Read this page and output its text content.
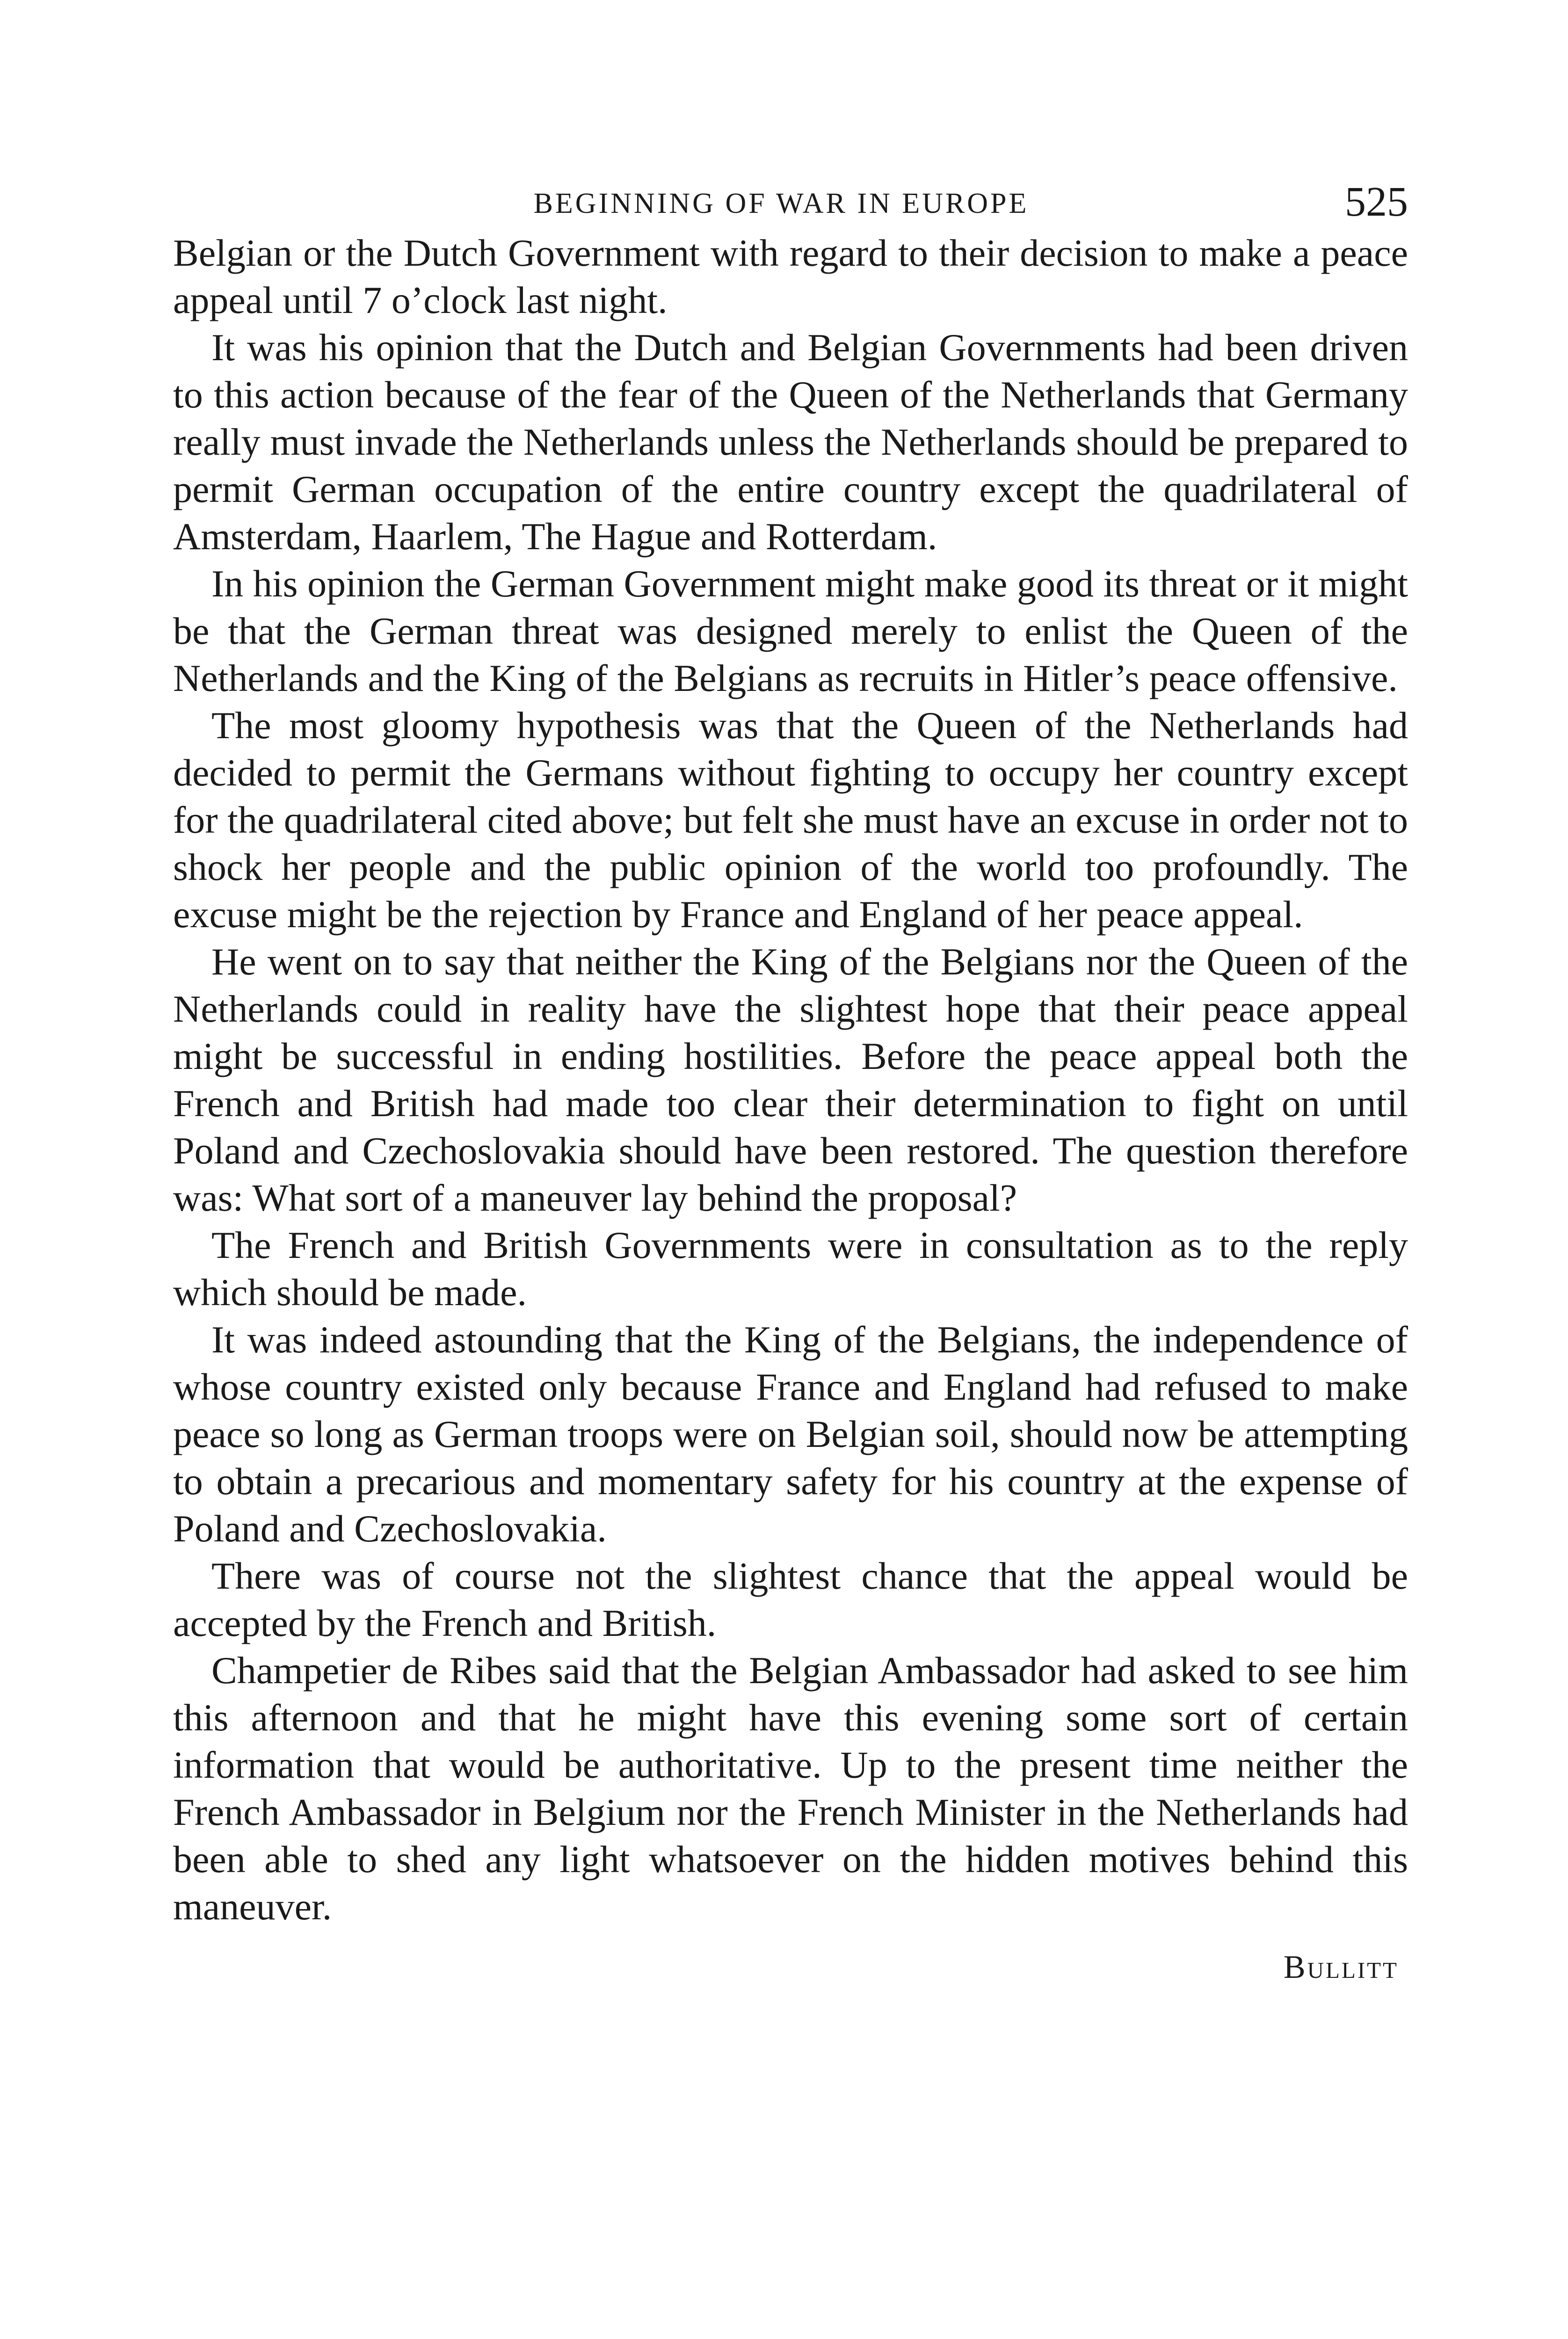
BEGINNING OF WAR IN EUROPE	525

Belgian or the Dutch Government with regard to their decision to make a peace appeal until 7 o’clock last night.

It was his opinion that the Dutch and Belgian Governments had been driven to this action because of the fear of the Queen of the Netherlands that Germany really must invade the Netherlands unless the Netherlands should be prepared to permit German occupation of the entire country except the quadrilateral of Amsterdam, Haarlem, The Hague and Rotterdam.

In his opinion the German Government might make good its threat or it might be that the German threat was designed merely to enlist the Queen of the Netherlands and the King of the Belgians as recruits in Hitler’s peace offensive.

The most gloomy hypothesis was that the Queen of the Netherlands had decided to permit the Germans without fighting to occupy her country except for the quadrilateral cited above; but felt she must have an excuse in order not to shock her people and the public opinion of the world too profoundly. The excuse might be the rejection by France and England of her peace appeal.

He went on to say that neither the King of the Belgians nor the Queen of the Netherlands could in reality have the slightest hope that their peace appeal might be successful in ending hostilities. Before the peace appeal both the French and British had made too clear their determination to fight on until Poland and Czechoslovakia should have been restored. The question therefore was: What sort of a maneuver lay behind the proposal?

The French and British Governments were in consultation as to the reply which should be made.

It was indeed astounding that the King of the Belgians, the independence of whose country existed only because France and England had refused to make peace so long as German troops were on Belgian soil, should now be attempting to obtain a precarious and momentary safety for his country at the expense of Poland and Czechoslovakia.

There was of course not the slightest chance that the appeal would be accepted by the French and British.

Champetier de Ribes said that the Belgian Ambassador had asked to see him this afternoon and that he might have this evening some sort of certain information that would be authoritative. Up to the present time neither the French Ambassador in Belgium nor the French Minister in the Netherlands had been able to shed any light whatsoever on the hidden motives behind this maneuver.

Bullitt
